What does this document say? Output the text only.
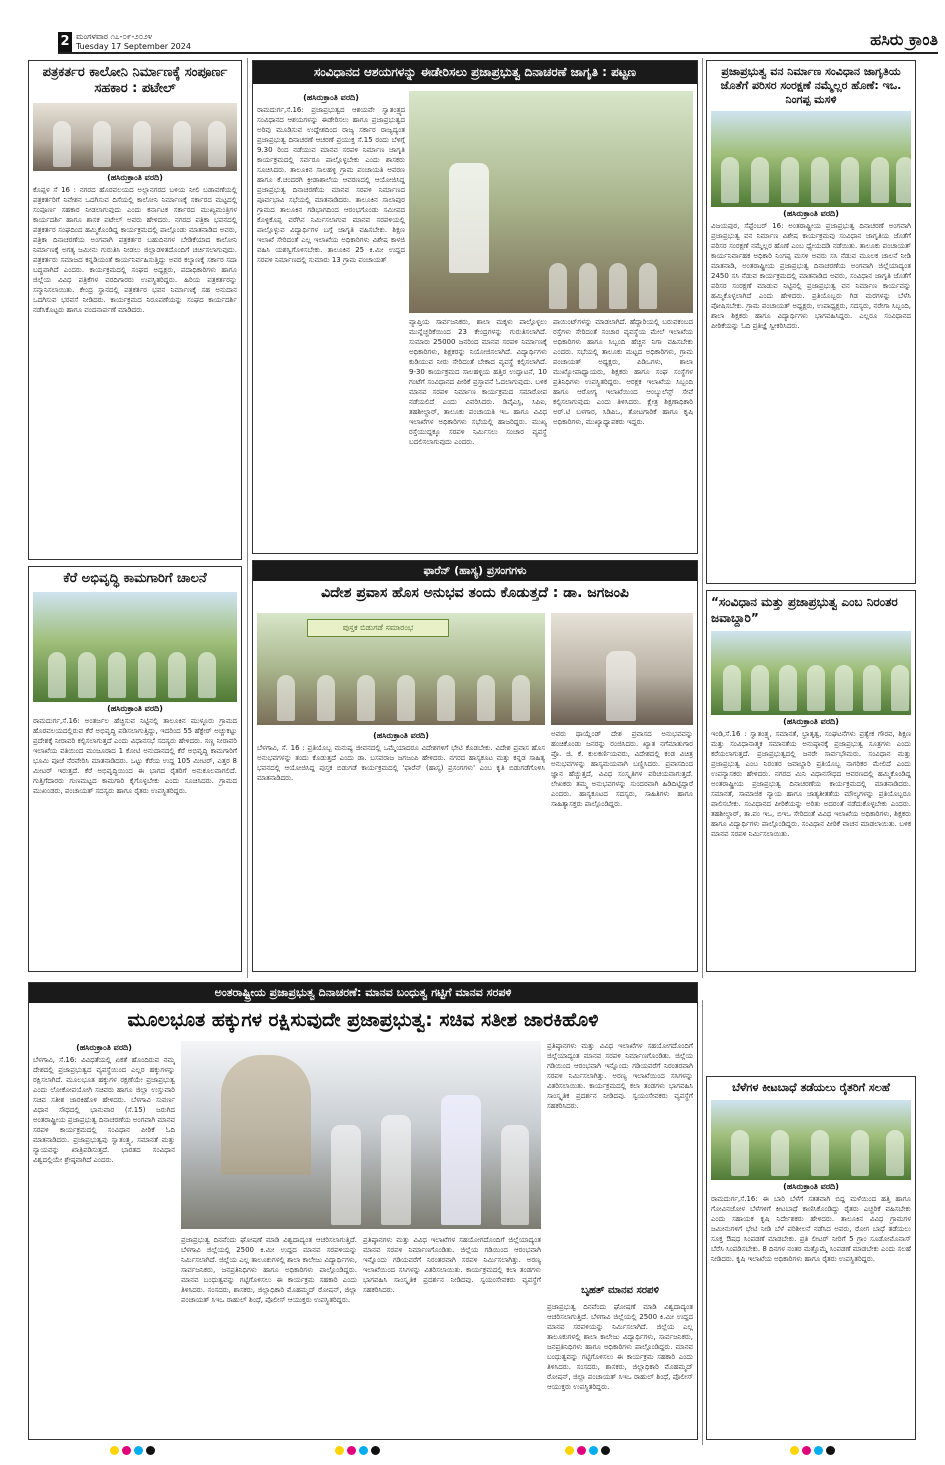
2 ಮಂಗಳವಾರ ೧೭-೦೯-೨೦೨೪
Tuesday 17 September 2024	ಹಸಿರು ಕ್ರಾಂತಿ
ಪತ್ರಕರ್ತರ ಕಾಲೋನಿ ನಿರ್ಮಾಣಕ್ಕೆ ಸಂಪೂರ್ಣ ಸಹಕಾರ : ಪಟೇಲ್
(ಹಸಿರುಕ್ರಾಂತಿ ವರದಿ)
ಕೊಪ್ಪಳ ಸೆ 16 : ನಗರದ ಹೊರವಲಯದ ಅಲ್ಲಾನಗರದ ಬಳಿಯ ನೀಲಿ ಬಡಾವಣೆಯಲ್ಲಿ ಪತ್ರಕರ್ತರಿಗೆ ನಿವೇಶನ ಒದಗಿಸುವ ದಿಸೆಯಲ್ಲಿ ಕಾಲೋನಿ ನಿರ್ಮಾಣಕ್ಕೆ ಸರ್ಕಾರದ ಮಟ್ಟದಲ್ಲಿ ಸಂಪೂರ್ಣ ಸಹಕಾರ ನೀಡಲಾಗುವುದು ಎಂದು ಕರ್ನಾಟಕ ಸರ್ಕಾರದ ಮುಖ್ಯಮಂತ್ರಿಗಳ ಕಾರ್ಯದರ್ಶಿ ಹಾಗೂ ಶಾಸಕ ಪಟೇಲ್ ಅವರು ಹೇಳಿದರು. ನಗರದ ಪತ್ರಿಕಾ ಭವನದಲ್ಲಿ ಪತ್ರಕರ್ತರ ಸಂಘದಿಂದ ಹಮ್ಮಿಕೊಂಡಿದ್ದ ಕಾರ್ಯಕ್ರಮದಲ್ಲಿ ಪಾಲ್ಗೊಂಡು ಮಾತನಾಡಿದ ಅವರು, ಪತ್ರಿಕಾ ದಿನಾಚರಣೆಯ ಅಂಗವಾಗಿ ಪತ್ರಕರ್ತರ ಬಹುದಿನಗಳ ಬೇಡಿಕೆಯಾದ ಕಾಲೋನಿ ನಿರ್ಮಾಣಕ್ಕೆ ಅಗತ್ಯ ಜಮೀನು ಗುರುತಿಸಿ ನೀಡಲು ಜಿಲ್ಲಾಡಳಿತದೊಂದಿಗೆ ಚರ್ಚಿಸಲಾಗುವುದು. ಪತ್ರಕರ್ತರು ಸಮಾಜದ ಕನ್ನಡಿಯಂತೆ ಕಾರ್ಯನಿರ್ವಹಿಸುತ್ತಿದ್ದು ಅವರ ಕಲ್ಯಾಣಕ್ಕೆ ಸರ್ಕಾರ ಸದಾ ಬದ್ಧವಾಗಿದೆ ಎಂದರು. ಕಾರ್ಯಕ್ರಮದಲ್ಲಿ ಸಂಘದ ಅಧ್ಯಕ್ಷರು, ಪದಾಧಿಕಾರಿಗಳು ಹಾಗೂ ಜಿಲ್ಲೆಯ ವಿವಿಧ ಪತ್ರಿಕೆಗಳ ವರದಿಗಾರರು ಉಪಸ್ಥಿತರಿದ್ದರು. ಹಿರಿಯ ಪತ್ರಕರ್ತರನ್ನು ಸನ್ಮಾನಿಸಲಾಯಿತು. ಕೇಂದ್ರ ಸ್ಥಾನದಲ್ಲಿ ಪತ್ರಕರ್ತರ ಭವನ ನಿರ್ಮಾಣಕ್ಕೆ ಸಹ ಅನುದಾನ ಒದಗಿಸುವ ಭರವಸೆ ನೀಡಿದರು. ಕಾರ್ಯಕ್ರಮದ ನಿರೂಪಣೆಯನ್ನು ಸಂಘದ ಕಾರ್ಯದರ್ಶಿ ನಡೆಸಿಕೊಟ್ಟರು ಹಾಗೂ ವಂದನಾರ್ಪಣೆ ಮಾಡಿದರು.
ಕೆರೆ ಅಭಿವೃದ್ಧಿ ಕಾಮಗಾರಿಗೆ ಚಾಲನೆ
(ಹಸಿರುಕ್ರಾಂತಿ ವರದಿ)
ರಾಮದುರ್ಗ,ಸೆ.16: ಅಂತರ್ಜಲ ಹೆಚ್ಚಿಸುವ ನಿಟ್ಟಿನಲ್ಲಿ ತಾಲೂಕಿನ ಮುಳ್ಳೂರು ಗ್ರಾಮದ ಹೊರವಲಯದಲ್ಲಿರುವ ಕೆರೆ ಅಭಿವೃದ್ಧಿ ಪಡಿಸಲಾಗುತ್ತಿದ್ದು, ಇದರಿಂದ 55 ಹೆಕ್ಟೇರ್ ಅಚ್ಚುಕಟ್ಟು ಪ್ರದೇಶಕ್ಕೆ ನೀರಾವರಿ ಕಲ್ಪಿಸಲಾಗುತ್ತದೆ ಎಂದು ವಿಧಾನಸಭೆ ಸದಸ್ಯರು ಹೇಳಿದರು. ಸಣ್ಣ ನೀರಾವರಿ ಇಲಾಖೆಯ ವತಿಯಿಂದ ಮಂಜೂರಾದ 1 ಕೋಟಿ ಅನುದಾನದಲ್ಲಿ ಕೆರೆ ಅಭಿವೃದ್ಧಿ ಕಾಮಗಾರಿಗೆ ಭೂಮಿ ಪೂಜೆ ನೆರವೇರಿಸಿ ಮಾತನಾಡಿದರು. ಒಟ್ಟು ಕೆರೆಯ ಉದ್ದ 105 ಮೀಟರ್, ಎತ್ತರ 8 ಮೀಟರ್ ಇರುತ್ತದೆ. ಕೆರೆ ಅಭಿವೃದ್ಧಿಯಿಂದ ಈ ಭಾಗದ ರೈತರಿಗೆ ಅನುಕೂಲವಾಗಲಿದೆ. ಗುತ್ತಿಗೆದಾರರು ಗುಣಮಟ್ಟದ ಕಾಮಗಾರಿ ಕೈಗೊಳ್ಳಬೇಕು ಎಂದು ಸೂಚಿಸಿದರು. ಗ್ರಾಮದ ಮುಖಂಡರು, ಪಂಚಾಯತ್ ಸದಸ್ಯರು ಹಾಗೂ ರೈತರು ಉಪಸ್ಥಿತರಿದ್ದರು.
ಸಂವಿಧಾನದ ಆಶಯಗಳನ್ನು ಈಡೇರಿಸಲು ಪ್ರಜಾಪ್ರಭುತ್ವ ದಿನಾಚರಣೆ ಜಾಗೃತಿ : ಪಟ್ಟಣ
(ಹಸಿರುಕ್ರಾಂತಿ ವರದಿ)
ರಾಮದುರ್ಗ,ಸೆ.16: ಪ್ರಜಾಪ್ರಭುತ್ವದ ಆಶಯವೇ ಸ್ವಾತಂತ್ರ್ಯದ ಸಂವಿಧಾನದ ಆಶಯಗಳನ್ನು ಈಡೇರಿಸಲು ಹಾಗೂ ಪ್ರಜಾಪ್ರಭುತ್ವದ ಅರಿವು ಮೂಡಿಸುವ ಉದ್ದೇಶದಿಂದ ರಾಜ್ಯ ಸರ್ಕಾರ ರಾಜ್ಯದ್ಯಂತ ಪ್ರಜಾಪ್ರಭುತ್ವ ದಿನಾಚರಣೆ ಆಚರಣೆ ಪ್ರಯುಕ್ತ ಸೆ.15 ರಂದು ಬೆಳಿಗ್ಗೆ 9.30 ರಿಂದ ನಡೆಯುವ ಮಾನವ ಸರಪಳಿ ನಿರ್ಮಾಣ ಜಾಗೃತಿ ಕಾರ್ಯಕ್ರಮದಲ್ಲಿ ಸರ್ವರೂ ಪಾಲ್ಗೊಳ್ಳಬೇಕು ಎಂದು ಶಾಸಕರು ಸೂಚಿಸಿದರು. ತಾಲೂಕಿನ ಸಾಲಹಳ್ಳಿ ಗ್ರಾಮ ಪಂಚಾಯತಿ ಆವರಣ ಹಾಗೂ ಕೆ.ಚಂದರಗಿ ಕ್ರೀಡಾಶಾಲೆಯ ಆವರಣದಲ್ಲಿ ಆಯೋಜಿಸಿದ್ದ ಪ್ರಜಾಪ್ರಭುತ್ವ ದಿನಾಚರಣೆಯ ಮಾನವ ಸರಪಳಿ ನಿರ್ಮಾಣದ ಪೂರ್ವಭಾವಿ ಸಭೆಯಲ್ಲಿ ಮಾತನಾಡಿದರು. ತಾಲೂಕಿನ ಸಾಲಾಪುರ ಗ್ರಾಮದ ತಾಲೂಕಿನ ಗಡಿಭಾಗದಿಂದ ಆರಂಭಗೊಂಡು ಸಮೀಪದ ಕೊಳ್ಳಿಕೊಪ್ಪ ವರೆಗಿನ ನಿರ್ಮಿಸಲಾಗುವ ಮಾನವ ಸರಪಳಿಯಲ್ಲಿ ಪಾಲ್ಗೊಳ್ಳುವ ವಿದ್ಯಾರ್ಥಿಗಳ ಬಗ್ಗೆ ಜಾಗೃತಿ ವಹಿಸಬೇಕು. ಶಿಕ್ಷಣ ಇಲಾಖೆ ಸೇರಿದಂತೆ ಎಲ್ಲ ಇಲಾಖೆಯ ಅಧಿಕಾರಿಗಳು ವಿಶೇಷ ಕಾಳಜಿ ವಹಿಸಿ ಯಶಸ್ವಿಗೊಳಿಸಬೇಕು. ತಾಲೂಕಿನ 25 ಕಿ.ಮೀ ಉದ್ದದ ಸರಪಳಿ ನಿರ್ಮಾಣದಲ್ಲಿ ಸುಮಾರು 13 ಗ್ರಾಮ ಪಂಚಾಯತ್
ವ್ಯಾಪ್ತಿಯ ಸಾರ್ವಜನಿಕರು, ಶಾಲಾ ಮಕ್ಕಳು ಪಾಲ್ಗೊಳ್ಳಲು ಮುನ್ನೆಚ್ಚರಿಕೆಯಿಂದ 23 ಕೇಂದ್ರಗಳನ್ನು ಗುರುತಿಸಲಾಗಿದೆ. ಸುಮಾರು 25000 ಜನರಿಂದ ಮಾನವ ಸರಪಳಿ ನಿರ್ಮಾಣಕ್ಕೆ ಅಧಿಕಾರಿಗಳು, ಶಿಕ್ಷಕರನ್ನು ನಿಯೋಜಿಸಲಾಗಿದೆ. ವಿದ್ಯಾರ್ಥಿಗಳು ಕುಡಿಯುವ ನೀರು ಸೇರಿದಂತೆ ಬೇಕಾದ ವ್ಯವಸ್ಥೆ ಕಲ್ಪಿಸಲಾಗಿದೆ. 9-30 ಕಾರ್ಯಕ್ರಮದ ಸಾಲಹಳ್ಳಿಯ ಹತ್ತಿರ ಉದ್ಘಾಟನೆ, 10 ಗಂಟೆಗೆ ಸಂವಿಧಾನದ ಪೀಠಿಕೆ ಪ್ರಸ್ತಾವನೆ ಓದಲಾಗುವುದು. ಬಳಿಕ ಮಾನವ ಸರಪಳಿ ನಿರ್ಮಾಣ ಕಾರ್ಯಕ್ರಮದ ಸಮಾರೋಪ ನಡೆಯಲಿದೆ ಎಂದು ವಿವರಿಸಿದರು. ಡಿವೈಎಸ್ಪಿ, ಸಿಪಿಐ, ತಹಶೀಲ್ದಾರ್, ತಾಲೂಕು ಪಂಚಾಯತಿ ಇಒ ಹಾಗೂ ವಿವಿಧ ಇಲಾಖೆಗಳ ಅಧಿಕಾರಿಗಳು ಸಭೆಯಲ್ಲಿ ಹಾಜರಿದ್ದರು. ಮುಖ್ಯ ರಸ್ತೆಯುದ್ದಕ್ಕೂ ಸರಪಳಿ ನಿರ್ಮಿಸಲು ಸಂಚಾರ ವ್ಯವಸ್ಥೆ ಬದಲಿಸಲಾಗುವುದು ಎಂದರು.
ಪಾಯಿಂಟ್‌ಗಳನ್ನು ಮಾಡಲಾಗಿದೆ. ಹೆದ್ದಾರಿಯಲ್ಲಿ ಬರುವಕಂಬದ ರಸ್ತೆಗಳು ಸೇರಿದಂತೆ ಸಂಚಾರ ವ್ಯವಸ್ಥೆಯ ಮೇಲೆ ಇಲಾಖೆಯ ಅಧಿಕಾರಿಗಳು ಹಾಗೂ ಸಿಬ್ಬಂದಿ ಹೆಚ್ಚಿನ ನಿಗಾ ವಹಿಸಬೇಕು ಎಂದರು. ಸಭೆಯಲ್ಲಿ ತಾಲೂಕು ಮಟ್ಟದ ಅಧಿಕಾರಿಗಳು, ಗ್ರಾಮ ಪಂಚಾಯತ್ ಅಧ್ಯಕ್ಷರು, ಪಿಡಿಒಗಳು, ಶಾಲಾ ಮುಖ್ಯೋಪಾಧ್ಯಾಯರು, ಶಿಕ್ಷಕರು ಹಾಗೂ ಸಂಘ ಸಂಸ್ಥೆಗಳ ಪ್ರತಿನಿಧಿಗಳು ಉಪಸ್ಥಿತರಿದ್ದರು. ಆರಕ್ಷಕ ಇಲಾಖೆಯ ಸಿಬ್ಬಂದಿ ಹಾಗೂ ಆರೋಗ್ಯ ಇಲಾಖೆಯಿಂದ ಆಂಬ್ಯುಲೆನ್ಸ್ ಸೇವೆ ಕಲ್ಪಿಸಲಾಗುವುದು ಎಂದು ತಿಳಿಸಿದರು. ಕ್ಷೇತ್ರ ಶಿಕ್ಷಣಾಧಿಕಾರಿ ಅರ್.ಟಿ ಬಳಗಾರ, ಸಿಡಿಪಿಒ, ತೋಟಗಾರಿಕೆ ಹಾಗೂ ಕೃಷಿ ಅಧಿಕಾರಿಗಳು, ಮುಖ್ಯಾಧ್ಯಾಪಕರು ಇದ್ದರು.
ಫಾರೆನ್ (ಹಾಸ್ಯ) ಪ್ರಸಂಗಗಳು
ವಿದೇಶ ಪ್ರವಾಸ ಹೊಸ ಅನುಭವ ತಂದು ಕೊಡುತ್ತದೆ : ಡಾ. ಜಗಜಂಪಿ
ಪುಸ್ತಕ ಬಿಡುಗಡೆ ಸಮಾರಂಭ
(ಹಸಿರುಕ್ರಾಂತಿ ವರದಿ)
ಬೆಳಗಾವಿ, ಸೆ. 16 : ಪ್ರತಿಯೊಬ್ಬ ಮನುಷ್ಯ ಜೀವನದಲ್ಲಿ ಒಮ್ಮೆಯಾದರೂ ವಿದೇಶಗಳಿಗೆ ಭೇಟಿ ಕೊಡಬೇಕು. ವಿದೇಶ ಪ್ರವಾಸ ಹೊಸ ಅನುಭವಗಳನ್ನು ತಂದು ಕೊಡುತ್ತದೆ ಎಂದು ಡಾ. ಬಸವರಾಜ ಜಗಜಂಪಿ ಹೇಳಿದರು. ನಗರದ ಹಾಸ್ಯಕೂಟ ಮತ್ತು ಕನ್ನಡ ಸಾಹಿತ್ಯ ಭವನದಲ್ಲಿ ಆಯೋಜಿಸಿದ್ದ ಪುಸ್ತಕ ಬಿಡುಗಡೆ ಕಾರ್ಯಕ್ರಮದಲ್ಲಿ 'ಫಾರೆನ್ (ಹಾಸ್ಯ) ಪ್ರಸಂಗಗಳು' ಎಂಬ ಕೃತಿ ಬಿಡುಗಡೆಗೊಳಿಸಿ ಮಾತನಾಡಿದರು.
ಅವರು ಥಾಯ್ಲೆಂಡ್ ದೇಶ ಪ್ರವಾಸದ ಅನುಭವವನ್ನು ಹಂಚಿಕೊಂಡು ಜನರನ್ನು ರಂಜಿಸಿದರು. ಖ್ಯಾತ ನಗೆಮಾತುಗಾರ ಪ್ರೊ. ಜಿ. ಕೆ. ಕುಲಕರ್ಣಿಯವರು, ವಿದೇಶದಲ್ಲಿ ಕಂಡ ವಿಚಿತ್ರ ಅನುಭವಗಳನ್ನು ಹಾಸ್ಯಮಯವಾಗಿ ಬಣ್ಣಿಸಿದರು. ಪ್ರವಾಸದಿಂದ ಜ್ಞಾನ ಹೆಚ್ಚುತ್ತದೆ, ವಿವಿಧ ಸಂಸ್ಕೃತಿಗಳ ಪರಿಚಯವಾಗುತ್ತದೆ. ಲೇಖಕರು ತಮ್ಮ ಅನುಭವಗಳನ್ನು ಸುಂದರವಾಗಿ ಹಿಡಿದಿಟ್ಟಿದ್ದಾರೆ ಎಂದರು. ಹಾಸ್ಯಕೂಟದ ಸದಸ್ಯರು, ಸಾಹಿತಿಗಳು ಹಾಗೂ ಸಾಹಿತ್ಯಾಸಕ್ತರು ಪಾಲ್ಗೊಂಡಿದ್ದರು.
ಪ್ರಜಾಪ್ರಭುತ್ವ ವನ ನಿರ್ಮಾಣ ಸಂವಿಧಾನ ಜಾಗೃತಿಯ ಜೊತೆಗೆ ಪರಿಸರ ಸಂರಕ್ಷಣೆ ನಮ್ಮೆಲ್ಲರ ಹೊಣೆ: ಇಒ. ನಿಂಗಪ್ಪ ಮಸಳಿ
(ಹಸಿರುಕ್ರಾಂತಿ ವರದಿ)
ವಿಜಯಪುರ, ಸೆಪ್ಟೆಂಬರ್ 16: ಅಂತರಾಷ್ಟ್ರೀಯ ಪ್ರಜಾಪ್ರಭುತ್ವ ದಿನಾಚರಣೆ ಅಂಗವಾಗಿ ಪ್ರಜಾಪ್ರಭುತ್ವ ವನ ನಿರ್ಮಾಣ ವಿಶೇಷ ಕಾರ್ಯಕ್ರಮವು ಸಂವಿಧಾನ ಜಾಗೃತಿಯ ಜೊತೆಗೆ ಪರಿಸರ ಸಂರಕ್ಷಣೆ ನಮ್ಮೆಲ್ಲರ ಹೊಣೆ ಎಂಬ ಧ್ಯೇಯದಡಿ ನಡೆಯಿತು. ತಾಲೂಕು ಪಂಚಾಯತ್ ಕಾರ್ಯನಿರ್ವಾಹಕ ಅಧಿಕಾರಿ ನಿಂಗಪ್ಪ ಮಸಳಿ ಅವರು ಸಸಿ ನೆಡುವ ಮೂಲಕ ಚಾಲನೆ ನೀಡಿ ಮಾತನಾಡಿ, ಅಂತರಾಷ್ಟ್ರೀಯ ಪ್ರಜಾಪ್ರಭುತ್ವ ದಿನಾಚರಣೆಯ ಅಂಗವಾಗಿ ಜಿಲ್ಲೆಯಾದ್ಯಂತ 2450 ಸಸಿ ನೆಡುವ ಕಾರ್ಯಕ್ರಮದಲ್ಲಿ ಮಾತನಾಡಿದ ಅವರು, ಸಂವಿಧಾನ ಜಾಗೃತಿ ಜೊತೆಗೆ ಪರಿಸರ ಸಂರಕ್ಷಣೆ ಮಾಡುವ ನಿಟ್ಟಿನಲ್ಲಿ ಪ್ರಜಾಪ್ರಭುತ್ವ ವನ ನಿರ್ಮಾಣ ಕಾರ್ಯವನ್ನು ಹಮ್ಮಿಕೊಳ್ಳಲಾಗಿದೆ ಎಂದು ಹೇಳಿದರು. ಪ್ರತಿಯೊಬ್ಬರು ಗಿಡ ಮರಗಳನ್ನು ಬೆಳೆಸಿ ಪೋಷಿಸಬೇಕು. ಗ್ರಾಮ ಪಂಚಾಯತ್ ಅಧ್ಯಕ್ಷರು, ಉಪಾಧ್ಯಕ್ಷರು, ಸದಸ್ಯರು, ನರೇಗಾ ಸಿಬ್ಬಂದಿ, ಶಾಲಾ ಶಿಕ್ಷಕರು ಹಾಗೂ ವಿದ್ಯಾರ್ಥಿಗಳು ಭಾಗವಹಿಸಿದ್ದರು. ಎಲ್ಲರೂ ಸಂವಿಧಾನದ ಪೀಠಿಕೆಯನ್ನು ಓದಿ ಪ್ರತಿಜ್ಞೆ ಸ್ವೀಕರಿಸಿದರು.
“ಸಂವಿಧಾನ ಮತ್ತು ಪ್ರಜಾಪ್ರಭುತ್ವ ಎಂಬ ನಿರಂತರ ಜವಾಬ್ದಾರಿ”
(ಹಸಿರುಕ್ರಾಂತಿ ವರದಿ)
ಇಂಡಿ,ಸೆ.16 : ಸ್ವಾತಂತ್ರ್ಯ, ಸಮಾನತೆ, ಭ್ರಾತೃತ್ವ, ಸಂಘಟನೆಗಳು ಪ್ರತ್ಯೇಕ ಗೌರವ, ಶಿಕ್ಷಣ ಮತ್ತು ಸಂವಿಧಾನಾತ್ಮಕ ಸಮಾನತೆಯ ಅನುಷ್ಠಾನಕ್ಕೆ ಪ್ರಜಾಪ್ರಭುತ್ವ ಸೂತ್ರಗಳು ಎಂದು ಕರೆಯಲಾಗುತ್ತದೆ. ಪ್ರಜಾಪ್ರಭುತ್ವದಲ್ಲಿ ಜನರೇ ಸಾರ್ವಭೌಮರು. ಸಂವಿಧಾನ ಮತ್ತು ಪ್ರಜಾಪ್ರಭುತ್ವ ಎಂಬ ನಿರಂತರ ಜವಾಬ್ದಾರಿ ಪ್ರತಿಯೊಬ್ಬ ನಾಗರಿಕರ ಮೇಲಿದೆ ಎಂದು ಉಪನ್ಯಾಸಕರು ಹೇಳಿದರು. ನಗರದ ಮಿನಿ ವಿಧಾನಸೌಧದ ಆವರಣದಲ್ಲಿ ಹಮ್ಮಿಕೊಂಡಿದ್ದ ಅಂತರಾಷ್ಟ್ರೀಯ ಪ್ರಜಾಪ್ರಭುತ್ವ ದಿನಾಚರಣೆಯ ಕಾರ್ಯಕ್ರಮದಲ್ಲಿ ಮಾತನಾಡಿದರು. ಸಮಾನತೆ, ಸಾಮಾಜಿಕ ನ್ಯಾಯ ಹಾಗೂ ಜಾತ್ಯತೀತತೆಯ ಮೌಲ್ಯಗಳನ್ನು ಪ್ರತಿಯೊಬ್ಬರೂ ಪಾಲಿಸಬೇಕು. ಸಂವಿಧಾನದ ಪೀಠಿಕೆಯನ್ನು ಅರಿತು ಅದರಂತೆ ನಡೆದುಕೊಳ್ಳಬೇಕು ಎಂದರು. ತಹಶೀಲ್ದಾರ್, ತಾ.ಪಂ ಇಒ, ಬಿಇಒ ಸೇರಿದಂತೆ ವಿವಿಧ ಇಲಾಖೆಯ ಅಧಿಕಾರಿಗಳು, ಶಿಕ್ಷಕರು ಹಾಗೂ ವಿದ್ಯಾರ್ಥಿಗಳು ಪಾಲ್ಗೊಂಡಿದ್ದರು. ಸಂವಿಧಾನ ಪೀಠಿಕೆ ವಾಚನ ಮಾಡಲಾಯಿತು. ಬಳಿಕ ಮಾನವ ಸರಪಳಿ ನಿರ್ಮಿಸಲಾಯಿತು.
ಅಂತರಾಷ್ಟ್ರೀಯ ಪ್ರಜಾಪ್ರಭುತ್ವ ದಿನಾಚರಣೆ: ಮಾನವ ಬಂಧುತ್ವ ಗಟ್ಟಿಗೆ ಮಾನವ ಸರಪಳಿ
ಮೂಲಭೂತ ಹಕ್ಕುಗಳ ರಕ್ಷಿಸುವುದೇ ಪ್ರಜಾಪ್ರಭುತ್ವ: ಸಚಿವ ಸತೀಶ ಜಾರಕಿಹೊಳಿ
(ಹಸಿರುಕ್ರಾಂತಿ ವರದಿ)
ಬೆಳಗಾವಿ, ಸೆ.16: ವಿವಿಧತೆಯಲ್ಲಿ ಏಕತೆ ಹೊಂದಿರುವ ನಮ್ಮ ದೇಶದಲ್ಲಿ ಪ್ರಜಾಪ್ರಭುತ್ವದ ವ್ಯವಸ್ಥೆಯಿಂದ ಎಲ್ಲರ ಹಕ್ಕುಗಳನ್ನು ರಕ್ಷಿಸಲಾಗಿದೆ. ಮೂಲಭೂತ ಹಕ್ಕುಗಳ ರಕ್ಷಣೆಯೇ ಪ್ರಜಾಪ್ರಭುತ್ವ ಎಂದು ಲೋಕೋಪಯೋಗಿ ಸಚಿವರು ಹಾಗೂ ಜಿಲ್ಲಾ ಉಸ್ತುವಾರಿ ಸಚಿವ ಸತೀಶ ಜಾರಕಿಹೊಳಿ ಹೇಳಿದರು. ಬೆಳಗಾವಿ ಸುವರ್ಣ ವಿಧಾನ ಸೌಧದಲ್ಲಿ ಭಾನುವಾರ (ಸೆ.15) ಜರುಗಿದ ಅಂತರಾಷ್ಟ್ರೀಯ ಪ್ರಜಾಪ್ರಭುತ್ವ ದಿನಾಚರಣೆಯ ಅಂಗವಾಗಿ ಮಾನವ ಸರಪಳಿ ಕಾರ್ಯಕ್ರಮದಲ್ಲಿ ಸಂವಿಧಾನ ಪೀಠಿಕೆ ಓದಿ ಮಾತನಾಡಿದರು. ಪ್ರಜಾಪ್ರಭುತ್ವವು ಸ್ವಾತಂತ್ರ್ಯ, ಸಮಾನತೆ ಮತ್ತು ನ್ಯಾಯವನ್ನು ಖಾತ್ರಿಪಡಿಸುತ್ತದೆ. ಭಾರತದ ಸಂವಿಧಾನ ವಿಶ್ವದಲ್ಲಿಯೇ ಶ್ರೇಷ್ಠವಾಗಿದೆ ಎಂದರು.
ಪ್ರಜಾಪ್ರಭುತ್ವ ದಿನವೆಂದು ಘೋಷಣೆ ಮಾಡಿ ವಿಶ್ವದಾದ್ಯಂತ ಆಚರಿಸಲಾಗುತ್ತಿದೆ. ಬೆಳಗಾವಿ ಜಿಲ್ಲೆಯಲ್ಲಿ 2500 ಕಿ.ಮೀ ಉದ್ದದ ಮಾನವ ಸರಪಳಿಯನ್ನು ನಿರ್ಮಿಸಲಾಗಿದೆ. ಜಿಲ್ಲೆಯ ಎಲ್ಲ ತಾಲೂಕುಗಳಲ್ಲಿ ಶಾಲಾ ಕಾಲೇಜು ವಿದ್ಯಾರ್ಥಿಗಳು, ಸಾರ್ವಜನಿಕರು, ಜನಪ್ರತಿನಿಧಿಗಳು ಹಾಗೂ ಅಧಿಕಾರಿಗಳು ಪಾಲ್ಗೊಂಡಿದ್ದರು. ಮಾನವ ಬಂಧುತ್ವವನ್ನು ಗಟ್ಟಿಗೊಳಿಸಲು ಈ ಕಾರ್ಯಕ್ರಮ ಸಹಕಾರಿ ಎಂದು ತಿಳಿಸಿದರು. ಸಂಸದರು, ಶಾಸಕರು, ಜಿಲ್ಲಾಧಿಕಾರಿ ಮೊಹಮ್ಮದ್ ರೋಷನ್, ಜಿಲ್ಲಾ ಪಂಚಾಯತ್ ಸಿಇಒ ರಾಹುಲ್ ಶಿಂಧೆ, ಪೊಲೀಸ್ ಆಯುಕ್ತರು ಉಪಸ್ಥಿತರಿದ್ದರು.
ಪ್ರತಿಷ್ಠಾನಗಳು ಮತ್ತು ವಿವಿಧ ಇಲಾಖೆಗಳ ಸಹಯೋಗದೊಂದಿಗೆ ಜಿಲ್ಲೆಯಾದ್ಯಂತ ಮಾನವ ಸರಪಳಿ ನಿರ್ಮಾಣಗೊಂಡಿತು. ಜಿಲ್ಲೆಯ ಗಡಿಯಿಂದ ಆರಂಭವಾಗಿ ಇನ್ನೊಂದು ಗಡಿಯವರೆಗೆ ನಿರಂತರವಾಗಿ ಸರಪಳಿ ನಿರ್ಮಿಸಲಾಗಿತ್ತು. ಅರಣ್ಯ ಇಲಾಖೆಯಿಂದ ಸಸಿಗಳನ್ನು ವಿತರಿಸಲಾಯಿತು. ಕಾರ್ಯಕ್ರಮದಲ್ಲಿ ಕಲಾ ತಂಡಗಳು ಭಾಗವಹಿಸಿ ಸಾಂಸ್ಕೃತಿಕ ಪ್ರದರ್ಶನ ನೀಡಿದವು. ಸ್ವಯಂಸೇವಕರು ವ್ಯವಸ್ಥೆಗೆ ಸಹಕರಿಸಿದರು.
ಪ್ರತಿಷ್ಠಾನಗಳು ಮತ್ತು ವಿವಿಧ ಇಲಾಖೆಗಳ ಸಹಯೋಗದೊಂದಿಗೆ ಜಿಲ್ಲೆಯಾದ್ಯಂತ ಮಾನವ ಸರಪಳಿ ನಿರ್ಮಾಣಗೊಂಡಿತು. ಜಿಲ್ಲೆಯ ಗಡಿಯಿಂದ ಆರಂಭವಾಗಿ ಇನ್ನೊಂದು ಗಡಿಯವರೆಗೆ ನಿರಂತರವಾಗಿ ಸರಪಳಿ ನಿರ್ಮಿಸಲಾಗಿತ್ತು. ಅರಣ್ಯ ಇಲಾಖೆಯಿಂದ ಸಸಿಗಳನ್ನು ವಿತರಿಸಲಾಯಿತು. ಕಾರ್ಯಕ್ರಮದಲ್ಲಿ ಕಲಾ ತಂಡಗಳು ಭಾಗವಹಿಸಿ ಸಾಂಸ್ಕೃತಿಕ ಪ್ರದರ್ಶನ ನೀಡಿದವು. ಸ್ವಯಂಸೇವಕರು ವ್ಯವಸ್ಥೆಗೆ ಸಹಕರಿಸಿದರು.
ಬೃಹತ್ ಮಾನವ ಸರಪಳಿ
ಪ್ರಜಾಪ್ರಭುತ್ವ ದಿನವೆಂದು ಘೋಷಣೆ ಮಾಡಿ ವಿಶ್ವದಾದ್ಯಂತ ಆಚರಿಸಲಾಗುತ್ತಿದೆ. ಬೆಳಗಾವಿ ಜಿಲ್ಲೆಯಲ್ಲಿ 2500 ಕಿ.ಮೀ ಉದ್ದದ ಮಾನವ ಸರಪಳಿಯನ್ನು ನಿರ್ಮಿಸಲಾಗಿದೆ. ಜಿಲ್ಲೆಯ ಎಲ್ಲ ತಾಲೂಕುಗಳಲ್ಲಿ ಶಾಲಾ ಕಾಲೇಜು ವಿದ್ಯಾರ್ಥಿಗಳು, ಸಾರ್ವಜನಿಕರು, ಜನಪ್ರತಿನಿಧಿಗಳು ಹಾಗೂ ಅಧಿಕಾರಿಗಳು ಪಾಲ್ಗೊಂಡಿದ್ದರು. ಮಾನವ ಬಂಧುತ್ವವನ್ನು ಗಟ್ಟಿಗೊಳಿಸಲು ಈ ಕಾರ್ಯಕ್ರಮ ಸಹಕಾರಿ ಎಂದು ತಿಳಿಸಿದರು. ಸಂಸದರು, ಶಾಸಕರು, ಜಿಲ್ಲಾಧಿಕಾರಿ ಮೊಹಮ್ಮದ್ ರೋಷನ್, ಜಿಲ್ಲಾ ಪಂಚಾಯತ್ ಸಿಇಒ ರಾಹುಲ್ ಶಿಂಧೆ, ಪೊಲೀಸ್ ಆಯುಕ್ತರು ಉಪಸ್ಥಿತರಿದ್ದರು.
ಬೆಳೆಗಳ ಕೀಟಬಾಧೆ ತಡೆಯಲು ರೈತರಿಗೆ ಸಲಹೆ
(ಹಸಿರುಕ್ರಾಂತಿ ವರದಿ)
ರಾಮದುರ್ಗ,ಸೆ.16: ಈ ಬಾರಿ ಬೆಳೆಗೆ ಸತತವಾಗಿ ಬಿದ್ದ ಮಳೆಯಿಂದ ಹತ್ತಿ ಹಾಗೂ ಗೋವಿನಜೋಳ ಬೆಳೆಗಳಿಗೆ ಕೀಟಬಾಧೆ ಕಾಣಿಸಿಕೊಂಡಿದ್ದು ರೈತರು ಎಚ್ಚರಿಕೆ ವಹಿಸಬೇಕು ಎಂದು ಸಹಾಯಕ ಕೃಷಿ ನಿರ್ದೇಶಕರು ಹೇಳಿದರು. ತಾಲೂಕಿನ ವಿವಿಧ ಗ್ರಾಮಗಳ ಜಮೀನುಗಳಿಗೆ ಭೇಟಿ ನೀಡಿ ಬೆಳೆ ಪರಿಶೀಲನೆ ನಡೆಸಿದ ಅವರು, ರೋಗ ಬಾಧೆ ತಡೆಯಲು ಸೂಕ್ತ ಔಷಧ ಸಿಂಪಡಣೆ ಮಾಡಬೇಕು. ಪ್ರತಿ ಲೀಟರ್ ನೀರಿಗೆ 5 ಗ್ರಾಂ ಸೂಡೋಮೊನಾಸ್ ಬೆರೆಸಿ ಸಿಂಪಡಿಸಬೇಕು. 8 ದಿನಗಳ ನಂತರ ಮತ್ತೊಮ್ಮೆ ಸಿಂಪಡಣೆ ಮಾಡಬೇಕು ಎಂದು ಸಲಹೆ ನೀಡಿದರು. ಕೃಷಿ ಇಲಾಖೆಯ ಅಧಿಕಾರಿಗಳು ಹಾಗೂ ರೈತರು ಉಪಸ್ಥಿತರಿದ್ದರು.
